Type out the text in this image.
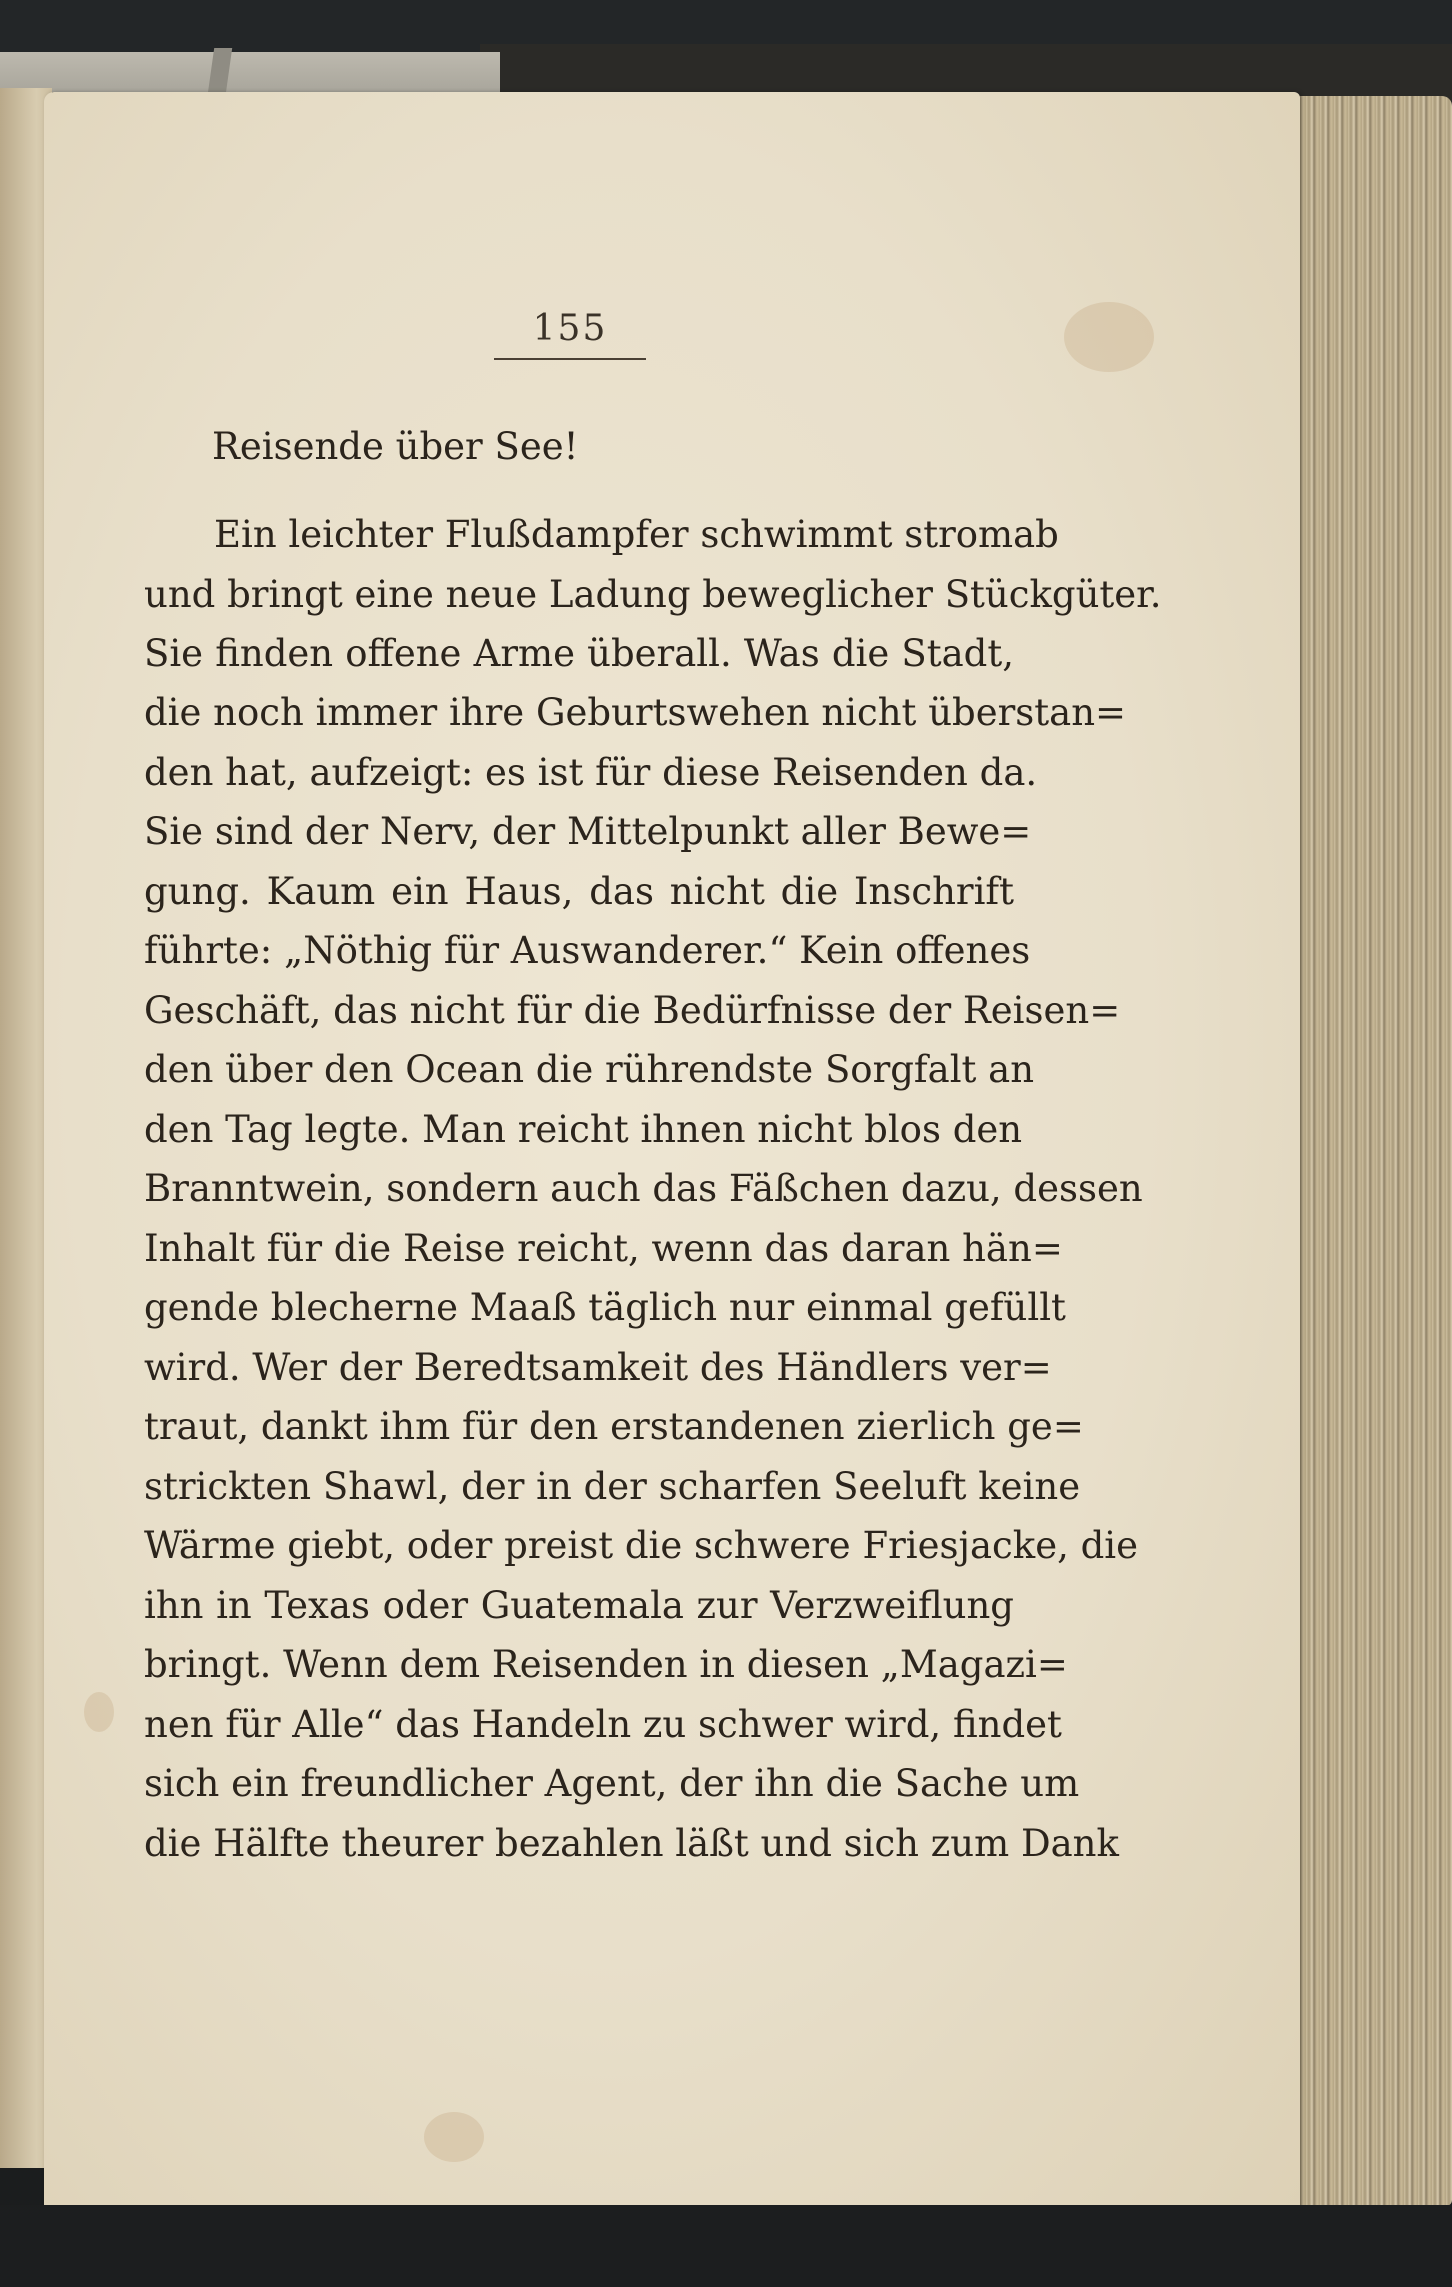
155
Reisende über See!
Ein leichter Flußdampfer schwimmt stromab
und bringt eine neue Ladung beweglicher Stückgüter.
Sie finden offene Arme überall. Was die Stadt,
die noch immer ihre Geburtswehen nicht überstan=
den hat, aufzeigt: es ist für diese Reisenden da.
Sie sind der Nerv, der Mittelpunkt aller Bewe=
gung. Kaum ein Haus, das nicht die Inschrift
führte: „Nöthig für Auswanderer.“ Kein offenes
Geschäft, das nicht für die Bedürfnisse der Reisen=
den über den Ocean die rührendste Sorgfalt an
den Tag legte. Man reicht ihnen nicht blos den
Branntwein, sondern auch das Fäßchen dazu, dessen
Inhalt für die Reise reicht, wenn das daran hän=
gende blecherne Maaß täglich nur einmal gefüllt
wird. Wer der Beredtsamkeit des Händlers ver=
traut, dankt ihm für den erstandenen zierlich ge=
strickten Shawl, der in der scharfen Seeluft keine
Wärme giebt, oder preist die schwere Friesjacke, die
ihn in Texas oder Guatemala zur Verzweiflung
bringt. Wenn dem Reisenden in diesen „Magazi=
nen für Alle“ das Handeln zu schwer wird, findet
sich ein freundlicher Agent, der ihn die Sache um
die Hälfte theurer bezahlen läßt und sich zum Dank
